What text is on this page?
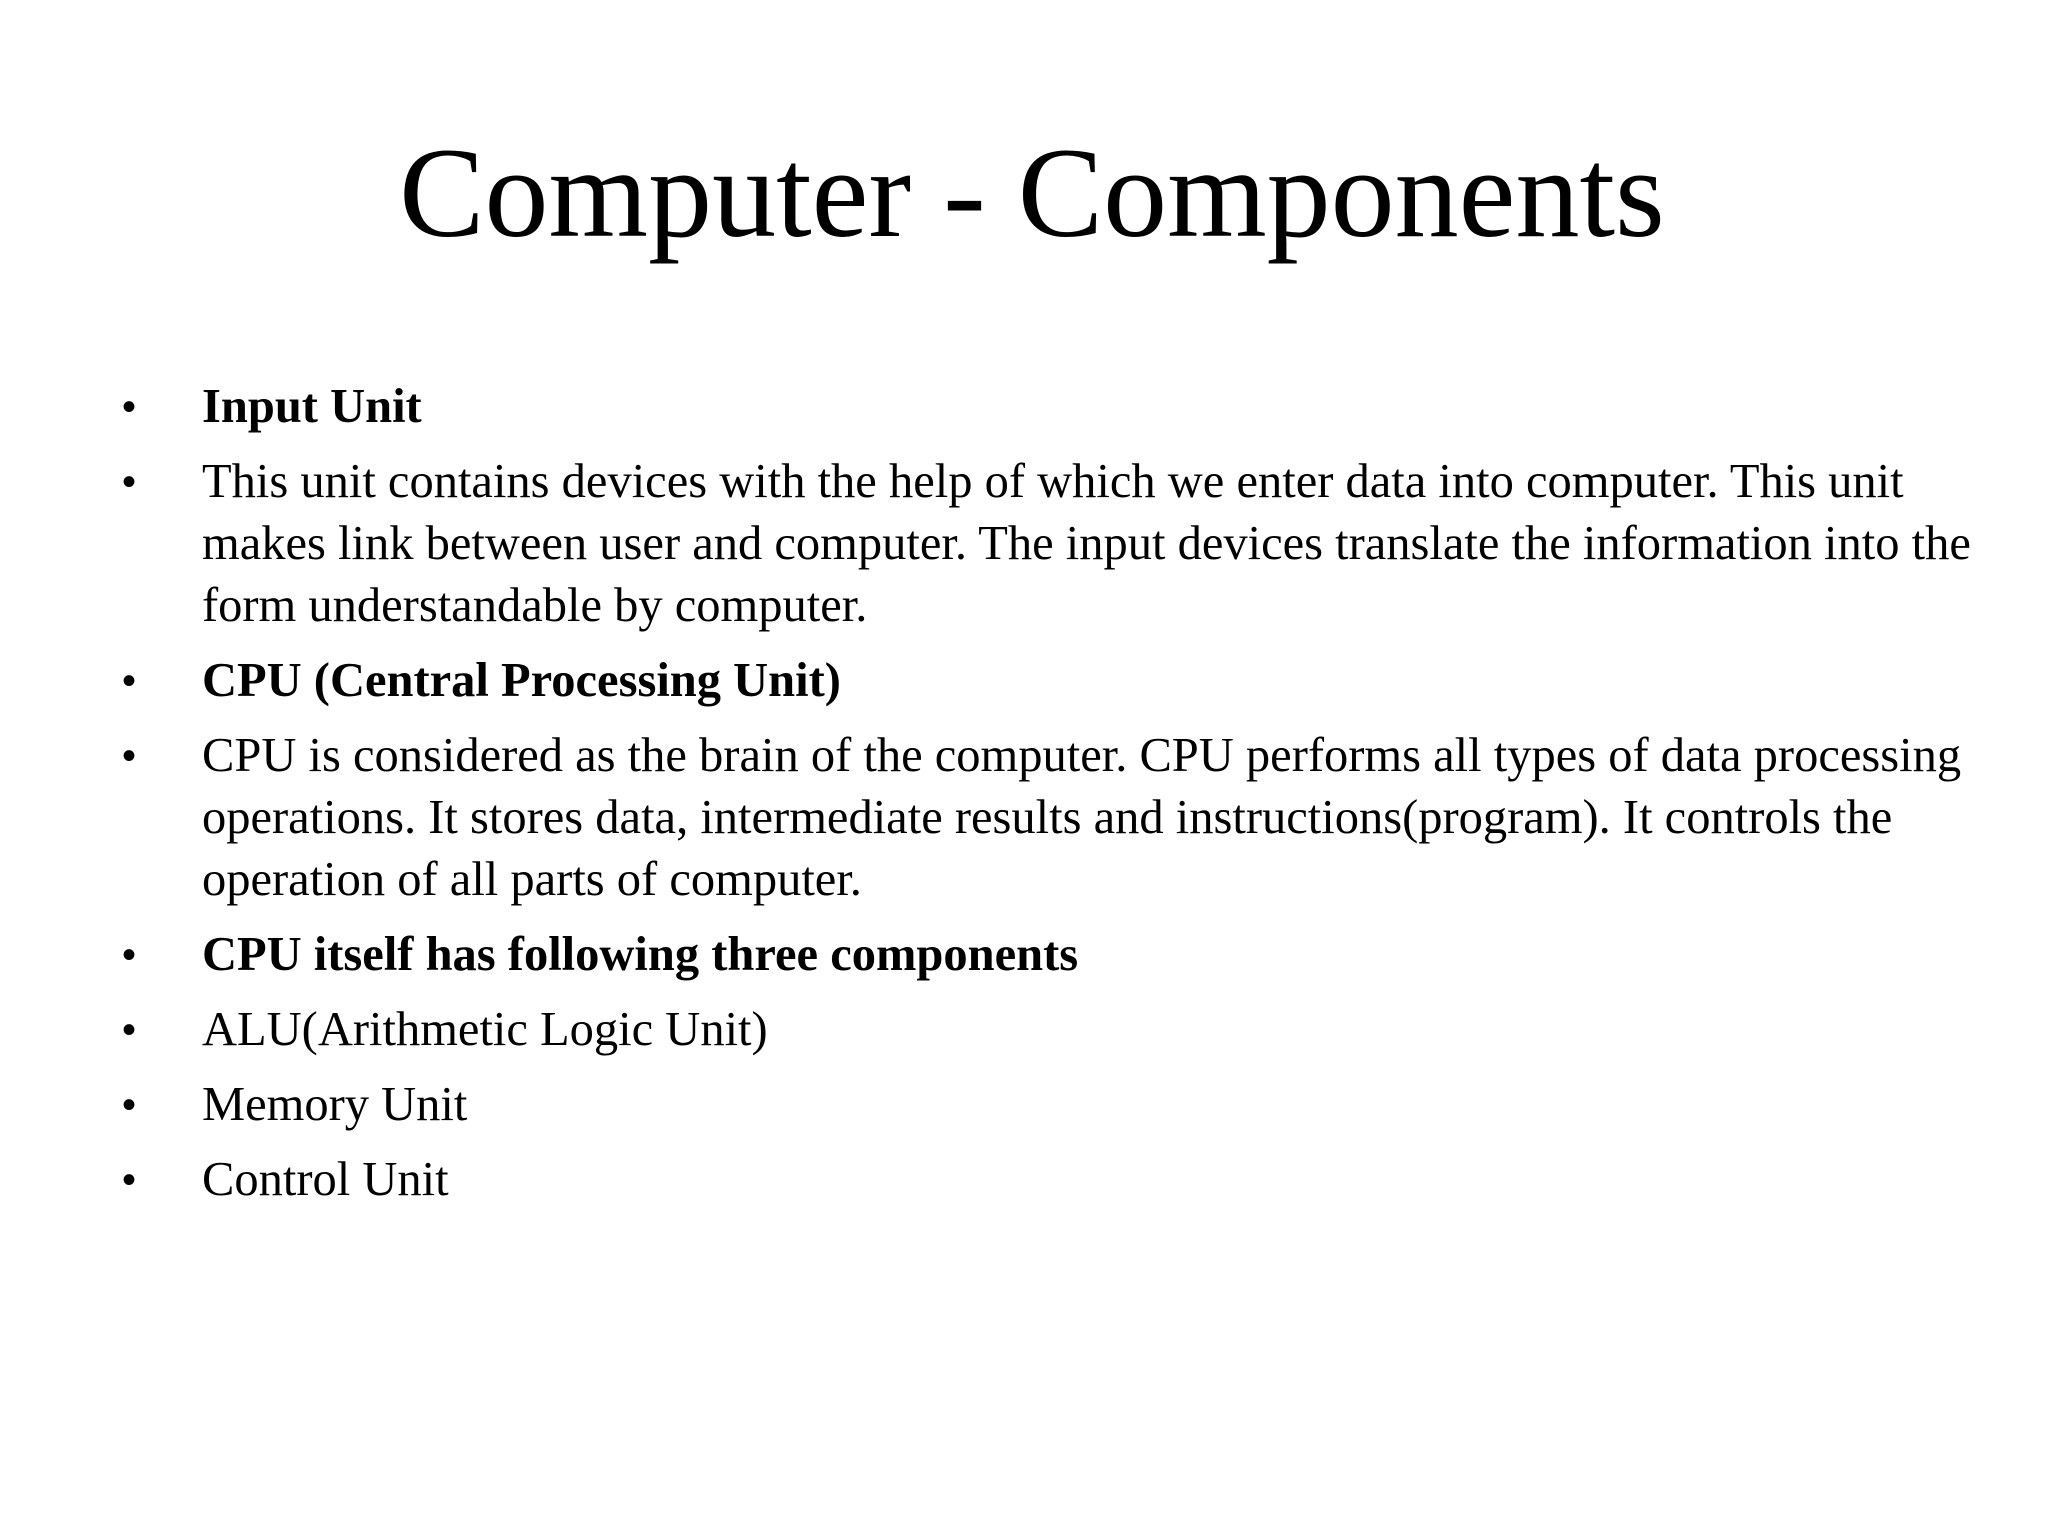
Computer - Components
•	Input Unit
•	This unit contains devices with the help of which we enter data into computer. This unit makes link between user and computer. The input devices translate the information into the form understandable by computer.
•	CPU (Central Processing Unit)
•	CPU is considered as the brain of the computer. CPU performs all types of data processing operations. It stores data, intermediate results and instructions(program). It controls the operation of all parts of computer.
•	CPU itself has following three components
•	ALU(Arithmetic Logic Unit)
•	Memory Unit
•	Control Unit
